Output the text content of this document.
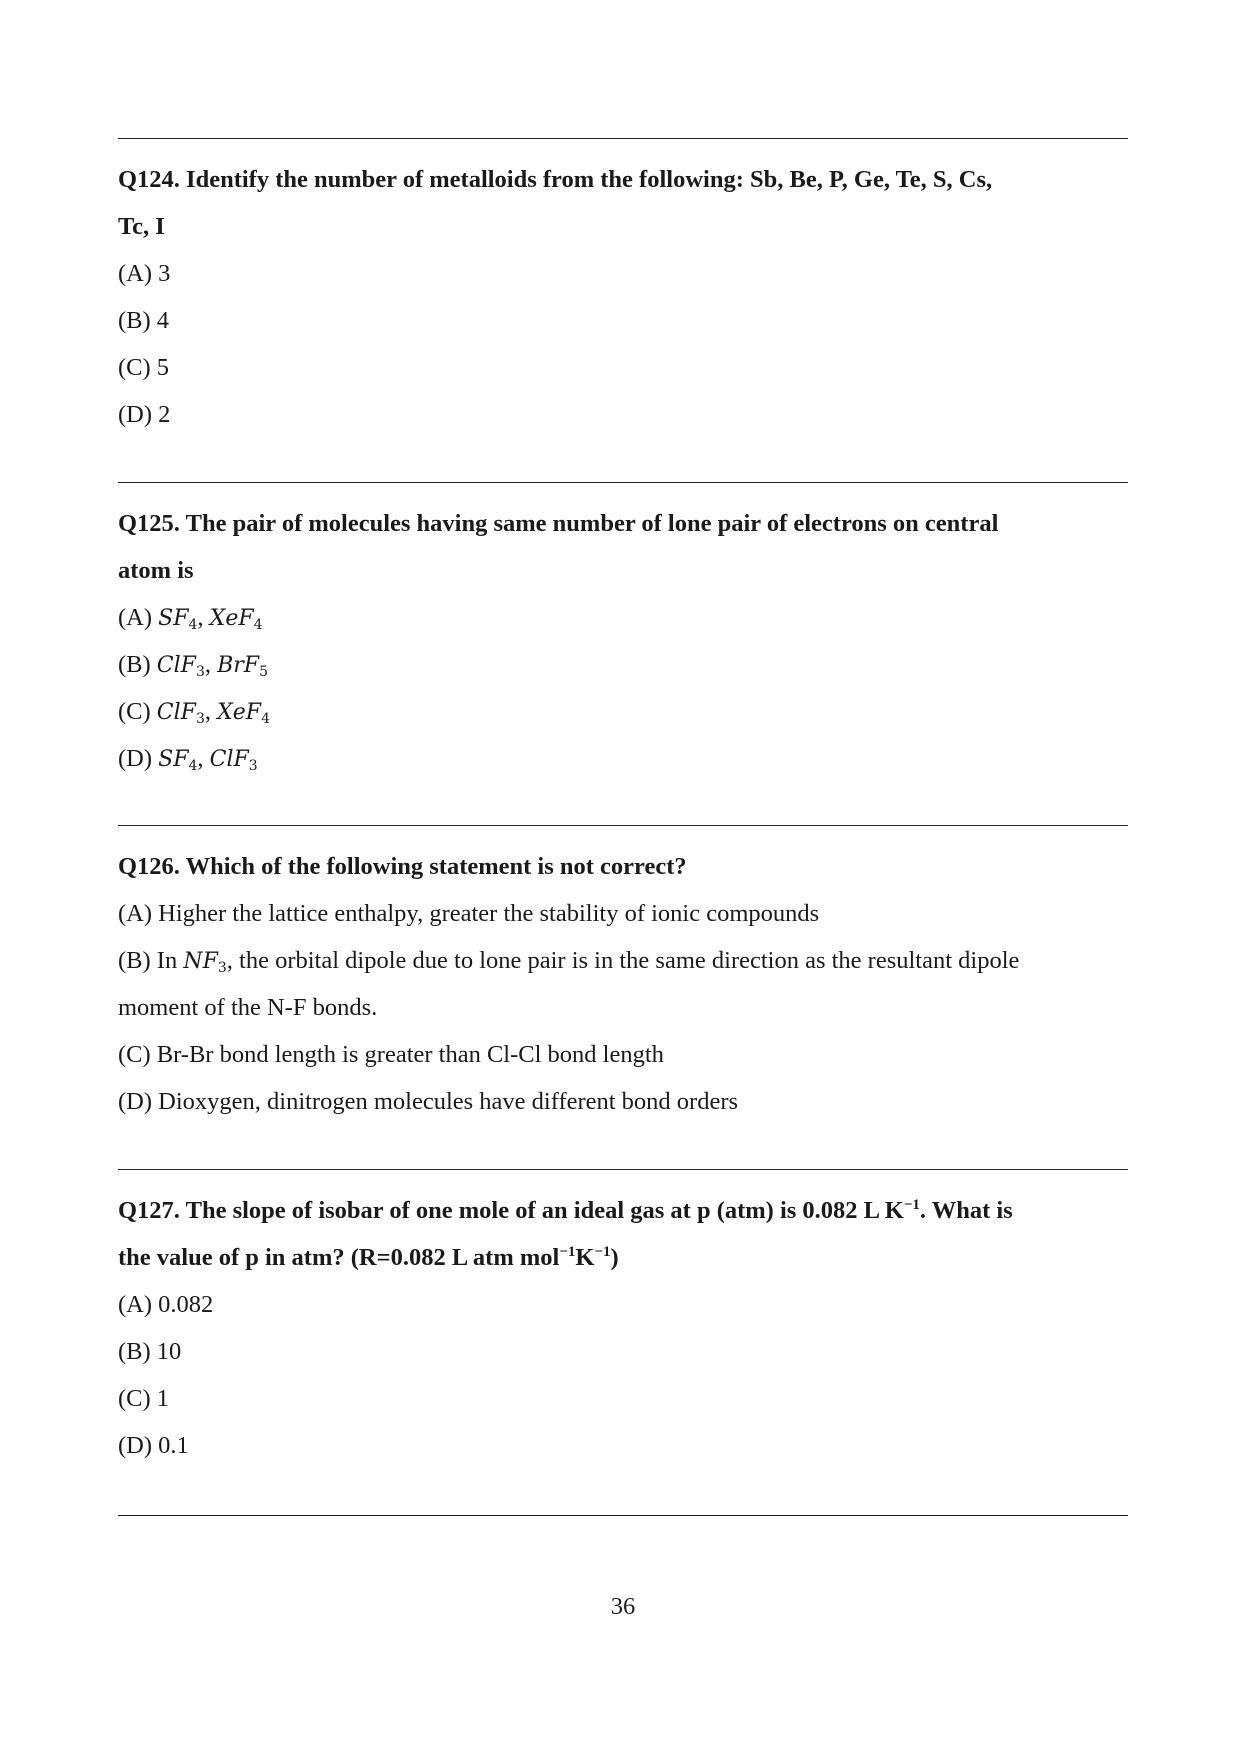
Q124. Identify the number of metalloids from the following: Sb, Be, P, Ge, Te, S, Cs,
Tc, I
(A) 3
(B) 4
(C) 5
(D) 2
Q125. The pair of molecules having same number of lone pair of electrons on central
atom is
(A) $SF_4$, XeF$_4$
(B) ClF$_3$, BrF$_5$
(C) ClF$_3$, XeF$_4$
(D) $SF_4$, ClF$_3$
Q126. Which of the following statement is not correct?
(A) Higher the lattice enthalpy, greater the stability of ionic compounds
(B) In $NF_3$, the orbital dipole due to lone pair is in the same direction as the resultant dipole
moment of the N-F bonds.
(C) Br-Br bond length is greater than Cl-Cl bond length
(D) Dioxygen, dinitrogen molecules have different bond orders
Q127. The slope of isobar of one mole of an ideal gas at p (atm) is 0.082 L $K^{-1}$. What is
the value of p in atm? (R=0.082 L atm $mol^{-1}K^{-1}$)
(A) 0.082
(B) 10
(C) 1
(D) 0.1
36
